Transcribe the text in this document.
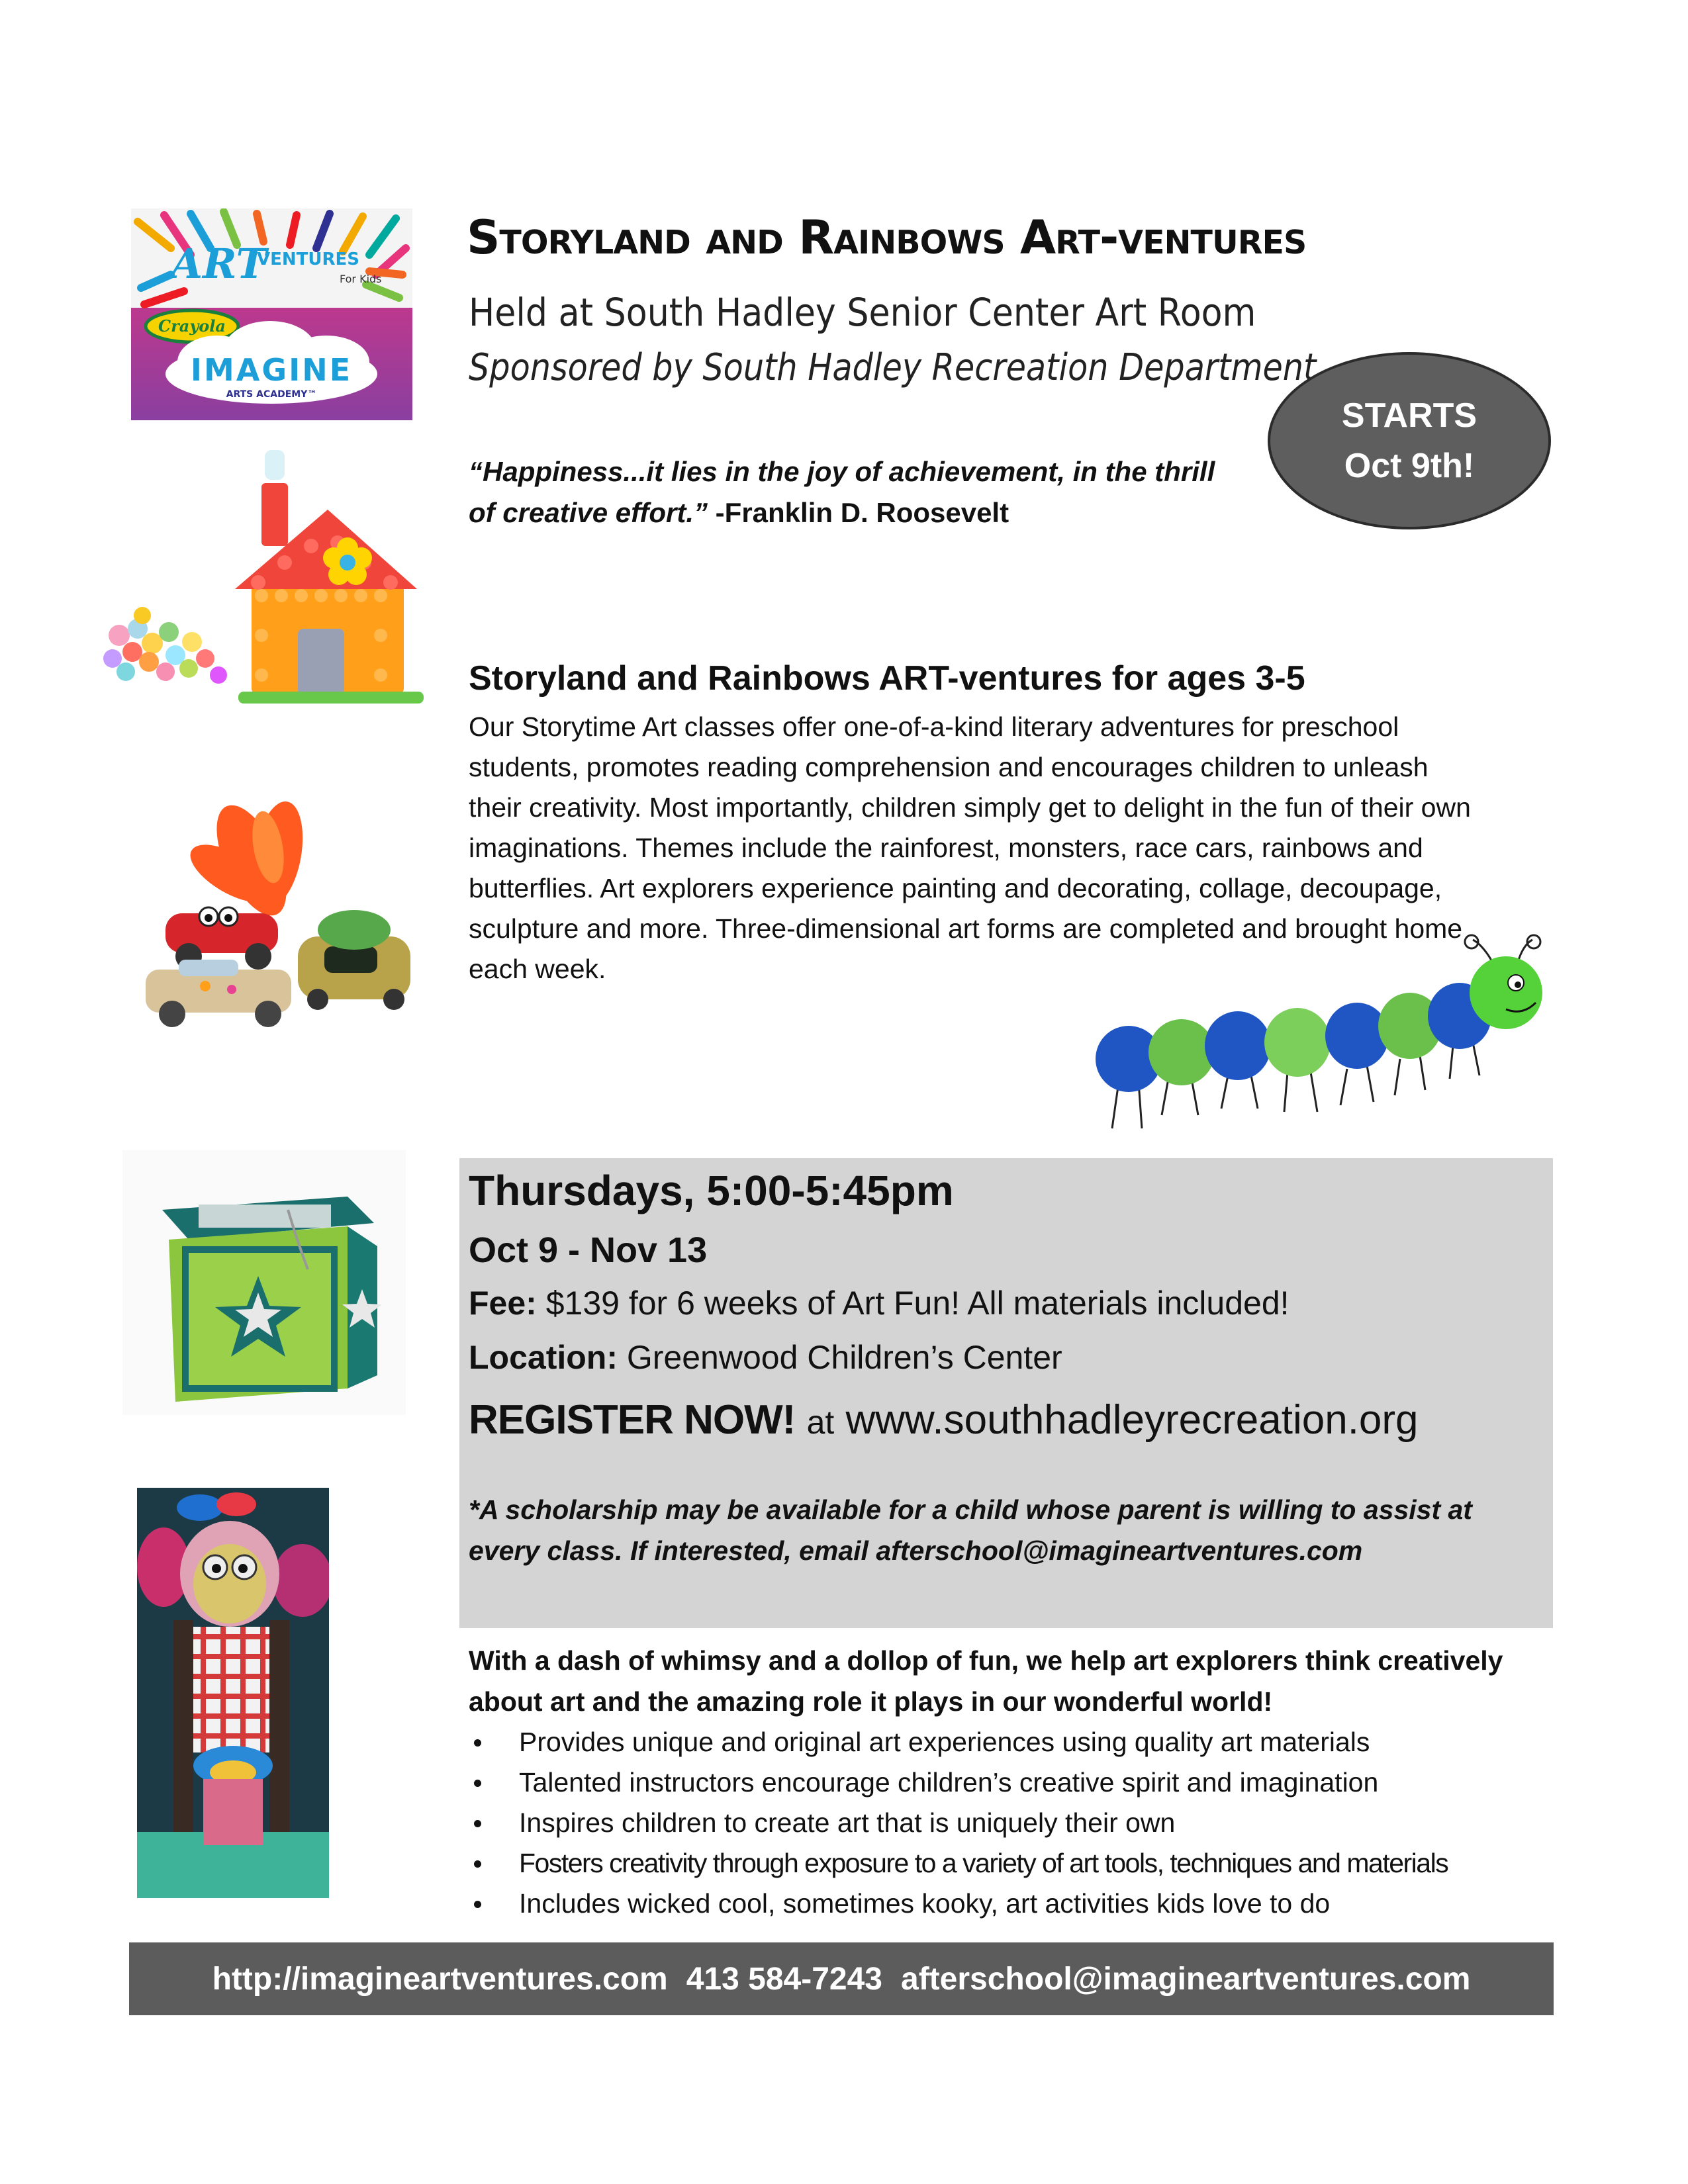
ART
VENTURES
For Kids
Crayola
IMAGINE
ARTS ACADEMY™
Storyland and Rainbows Art-ventures
Held at South Hadley Senior Center Art Room
Sponsored by South Hadley Recreation Department
STARTS
Oct 9th!
“Happiness...it lies in the joy of achievement, in the thrill of creative effort.” -Franklin D. Roosevelt
Storyland and Rainbows ART-ventures for ages 3-5
Our Storytime Art classes offer one-of-a-kind literary adventures for preschool students, promotes reading comprehension and encourages children to unleash their creativity. Most importantly, children simply get to delight in the fun of their own imaginations. Themes include the rainforest, monsters, race cars, rainbows and butterflies. Art explorers experience painting and decorating, collage, decoupage, sculpture and more. Three-dimensional art forms are completed and brought home each week.
Thursdays, 5:00-5:45pm
Oct 9 - Nov 13
Fee: $139 for 6 weeks of Art Fun! All materials included!
Location: Greenwood Children’s Center
REGISTER NOW! at www.southhadleyrecreation.org
*A scholarship may be available for a child whose parent is willing to assist at every class. If interested, email afterschool@imagineartventures.com
With a dash of whimsy and a dollop of fun, we help art explorers think creatively about art and the amazing role it plays in our wonderful world!
Provides unique and original art experiences using quality art materials
Talented instructors encourage children’s creative spirit and imagination
Inspires children to create art that is uniquely their own
Fosters creativity through exposure to a variety of art tools, techniques and materials
Includes wicked cool, sometimes kooky, art activities kids love to do
http://imagineartventures.com 413 584-7243 afterschool@imagineartventures.com
